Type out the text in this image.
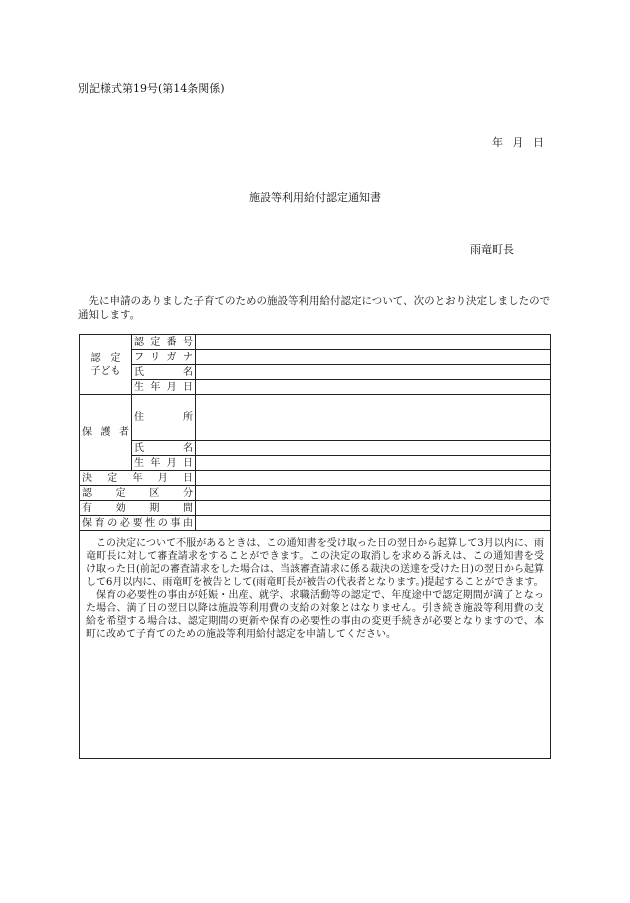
別記様式第19号(第14条関係)
年 月 日
施設等利用給付認定通知書
雨竜町長
先に申請のありました子育てのための施設等利用給付認定について、次のとおり決定しましたので通知します。
認　定
子ども	認定番号	
	フリガナ	
	氏名	
	生年月日	
保護者	住所	
	氏名	
	生年月日	
決定年月日		
認定区分		
有効期間		
保育の必要性の事由		

この決定について不服があるときは、この通知書を受け取った日の翌日から起算して3月以内に、雨竜町長に対して審査請求をすることができます。この決定の取消しを求める訴えは、この通知書を受け取った日(前記の審査請求をした場合は、当該審査請求に係る裁決の送達を受けた日)の翌日から起算して6月以内に、雨竜町を被告として(雨竜町長が被告の代表者となります。)提起することができます。

保育の必要性の事由が妊娠・出産、就学、求職活動等の認定で、年度途中で認定期間が満了となった場合、満了日の翌日以降は施設等利用費の支給の対象とはなりません。引き続き施設等利用費の支給を希望する場合は、認定期間の更新や保育の必要性の事由の変更手続きが必要となりますので、本町に改めて子育てのための施設等利用給付認定を申請してください。		
